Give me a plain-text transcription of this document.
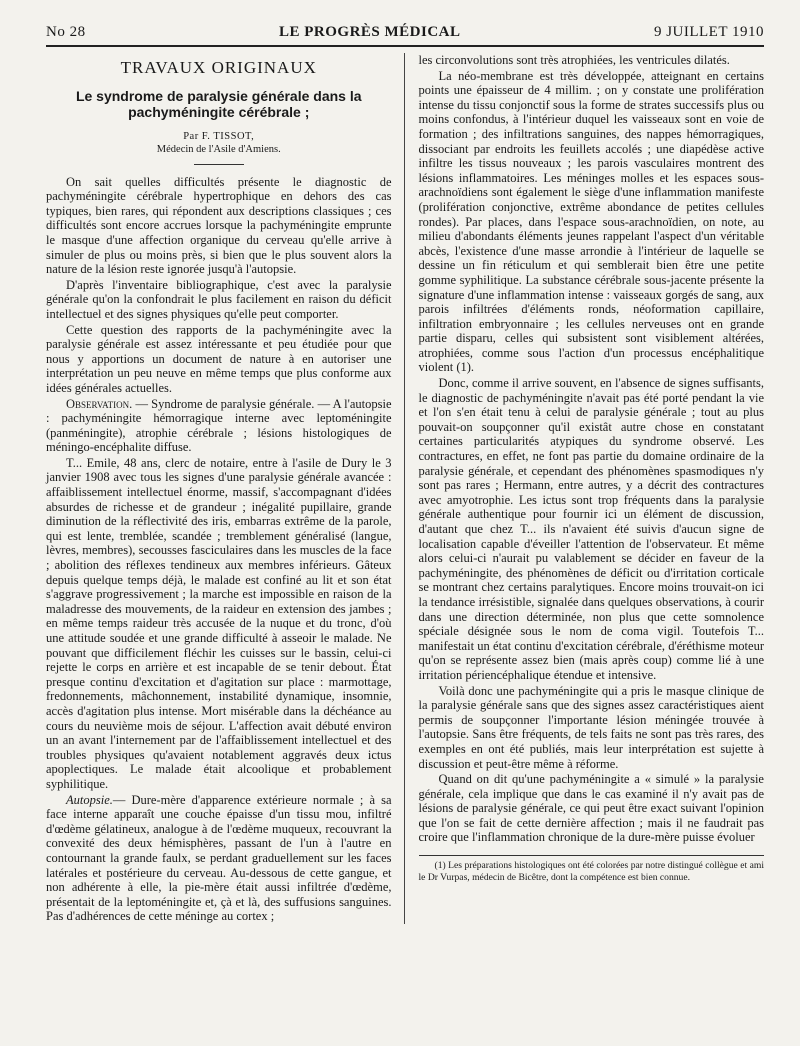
No 28	LE PROGRÈS MÉDICAL	9 JUILLET 1910
TRAVAUX ORIGINAUX
Le syndrome de paralysie générale dans la pachyméningite cérébrale ;
Par F. TISSOT,
Médecin de l'Asile d'Amiens.

On sait quelles difficultés présente le diagnostic de pachyméningite cérébrale hypertrophique en dehors des cas typiques, bien rares, qui répondent aux descriptions classiques ; ces difficultés sont encore accrues lorsque la pachyméningite emprunte le masque d'une affection organique du cerveau qu'elle arrive à simuler de plus ou moins près, si bien que le plus souvent alors la nature de la lésion reste ignorée jusqu'à l'autopsie.

D'après l'inventaire bibliographique, c'est avec la paralysie générale qu'on la confondrait le plus facilement en raison du déficit intellectuel et des signes physiques qu'elle peut comporter.

Cette question des rapports de la pachyméningite avec la paralysie générale est assez intéressante et peu étudiée pour que nous y apportions un document de nature à en autoriser une interprétation un peu neuve en même temps que plus conforme aux idées générales actuelles.

Observation. — Syndrome de paralysie générale. — A l'autopsie : pachyméningite hémorragique interne avec leptoméningite (panméningite), atrophie cérébrale ; lésions histologiques de méningo-encéphalite diffuse.

T... Emile, 48 ans, clerc de notaire, entre à l'asile de Dury le 3 janvier 1908 avec tous les signes d'une paralysie générale avancée : affaiblissement intellectuel énorme, massif, s'accompagnant d'idées absurdes de richesse et de grandeur ; inégalité pupillaire, grande diminution de la réflectivité des iris, embarras extrême de la parole, qui est lente, tremblée, scandée ; tremblement généralisé (langue, lèvres, membres), secousses fasciculaires dans les muscles de la face ; abolition des réflexes tendineux aux membres inférieurs. Gâteux depuis quelque temps déjà, le malade est confiné au lit et son état s'aggrave progressivement ; la marche est impossible en raison de la maladresse des mouvements, de la raideur en extension des jambes ; en même temps raideur très accusée de la nuque et du tronc, d'où une attitude soudée et une grande difficulté à asseoir le malade. Ne pouvant que difficilement fléchir les cuisses sur le bassin, celui-ci rejette le corps en arrière et est incapable de se tenir debout. État presque continu d'excitation et d'agitation sur place : marmottage, fredonnements, mâchonnement, instabilité dynamique, insomnie, accès d'agitation plus intense. Mort misérable dans la déchéance au cours du neuvième mois de séjour. L'affection avait débuté environ un an avant l'internement par de l'affaiblissement intellectuel et des troubles physiques qu'avaient notablement aggravés deux ictus apoplectiques. Le malade était alcoolique et probablement syphilitique.

Autopsie.— Dure-mère d'apparence extérieure normale ; à sa face interne apparaît une couche épaisse d'un tissu mou, infiltré d'œdème gélatineux, analogue à de l'œdème muqueux, recouvrant la convexité des deux hémisphères, passant de l'un à l'autre en contournant la grande faulx, se perdant graduellement sur les faces latérales et postérieure du cerveau. Au-dessous de cette gangue, et non adhérente à elle, la pie-mère était aussi infiltrée d'œdème, présentait de la leptoméningite et, çà et là, des suffusions sanguines. Pas d'adhérences de cette méninge au cortex ;

les circonvolutions sont très atrophiées, les ventricules dilatés.

La néo-membrane est très développée, atteignant en certains points une épaisseur de 4 millim. ; on y constate une prolifération intense du tissu conjonctif sous la forme de strates successifs plus ou moins confondus, à l'intérieur duquel les vaisseaux sont en voie de formation ; des infiltrations sanguines, des nappes hémorragiques, dissociant par endroits les feuillets accolés ; une diapédèse active infiltre les tissus nouveaux ; les parois vasculaires montrent des lésions inflammatoires. Les méninges molles et les espaces sous-arachnoïdiens sont également le siège d'une inflammation manifeste (prolifération conjonctive, extrême abondance de petites cellules rondes). Par places, dans l'espace sous-arachnoïdien, on note, au milieu d'abondants éléments jeunes rappelant l'aspect d'un véritable abcès, l'existence d'une masse arrondie à l'intérieur de laquelle se dessine un fin réticulum et qui semblerait bien être une petite gomme syphilitique. La substance cérébrale sous-jacente présente la signature d'une inflammation intense : vaisseaux gorgés de sang, aux parois infiltrées d'éléments ronds, néoformation capillaire, infiltration embryonnaire ; les cellules nerveuses ont en grande partie disparu, celles qui subsistent sont visiblement altérées, atrophiées, comme sous l'action d'un processus encéphalitique violent (1).

Donc, comme il arrive souvent, en l'absence de signes suffisants, le diagnostic de pachyméningite n'avait pas été porté pendant la vie et l'on s'en était tenu à celui de paralysie générale ; tout au plus pouvait-on soupçonner qu'il existât autre chose en constatant certaines particularités atypiques du syndrome observé. Les contractures, en effet, ne font pas partie du domaine ordinaire de la paralysie générale, et cependant des phénomènes spasmodiques n'y sont pas rares ; Hermann, entre autres, y a décrit des contractures avec amyotrophie. Les ictus sont trop fréquents dans la paralysie générale authentique pour fournir ici un élément de discussion, d'autant que chez T... ils n'avaient été suivis d'aucun signe de localisation capable d'éveiller l'attention de l'observateur. Et même alors celui-ci n'aurait pu valablement se décider en faveur de la pachyméningite, des phénomènes de déficit ou d'irritation corticale se montrant chez certains paralytiques. Encore moins trouvait-on ici la tendance irrésistible, signalée dans quelques observations, à courir dans une direction déterminée, non plus que cette somnolence spéciale désignée sous le nom de coma vigil. Toutefois T... manifestait un état continu d'excitation cérébrale, d'éréthisme moteur qu'on se représente assez bien (mais après coup) comme lié à une irritation périencéphalique étendue et intensive.

Voilà donc une pachyméningite qui a pris le masque clinique de la paralysie générale sans que des signes assez caractéristiques aient permis de soupçonner l'importante lésion méningée trouvée à l'autopsie. Sans être fréquents, de tels faits ne sont pas très rares, des exemples en ont été publiés, mais leur interprétation est sujette à discussion et peut-être même à réforme.

Quand on dit qu'une pachyméningite a « simulé » la paralysie générale, cela implique que dans le cas examiné il n'y avait pas de lésions de paralysie générale, ce qui peut être exact suivant l'opinion que l'on se fait de cette dernière affection ; mais il ne faudrait pas croire que l'inflammation chronique de la dure-mère puisse évoluer

(1) Les préparations histologiques ont été colorées par notre distingué collègue et ami le Dr Vurpas, médecin de Bicêtre, dont la compétence est bien connue.
